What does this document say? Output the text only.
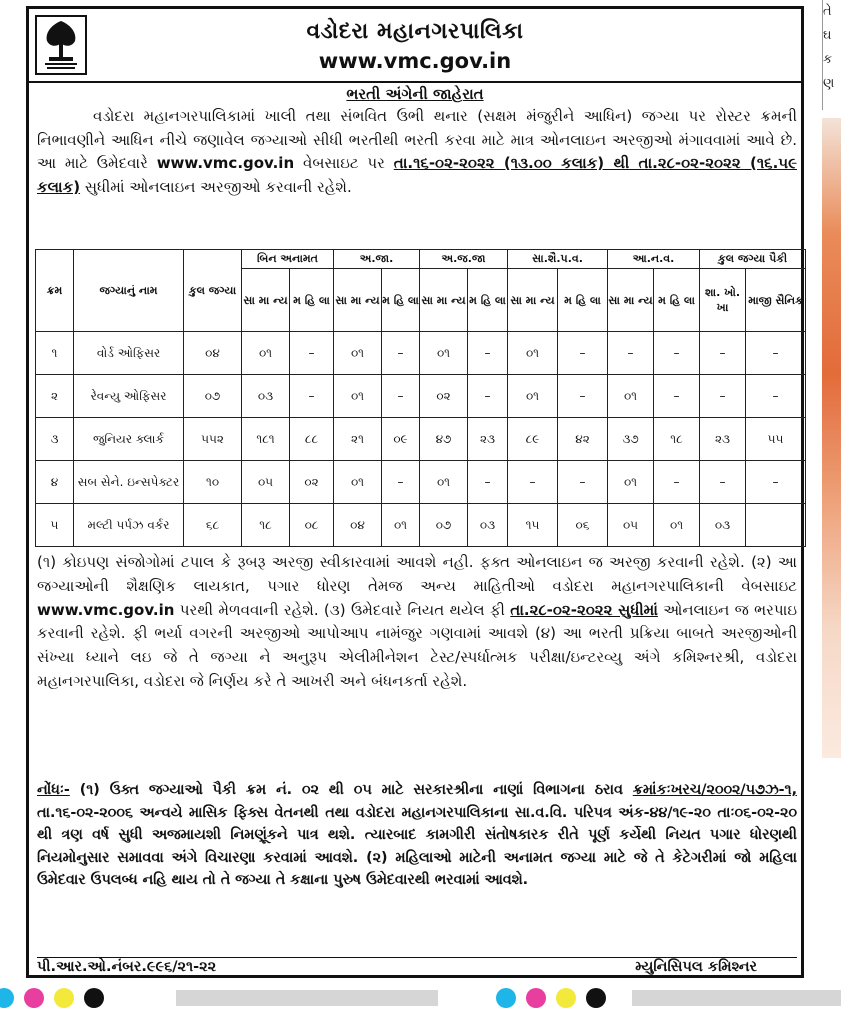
તે
ઘ
ક
ણ
વડોદરા મહાનગરપાલિકા
www.vmc.gov.in
ભરતી અંગેની જાહેરાત

વડોદરા મહાનગરપાલિકામાં ખાલી તથા સંભવિત ઉભી થનાર (સક્ષમ મંજુરીને આધિન) જગ્યા પર રોસ્ટર ક્રમની નિભાવણીને આધિન નીચે જણાવેલ જગ્યાઓ સીધી ભરતીથી ભરતી કરવા માટે માત્ર ઓનલાઇન અરજીઓ મંગાવવામાં આવે છે. આ માટે ઉમેદવારે www.vmc.gov.in વેબસાઇટ પર તા.૧૬-૦૨-૨૦૨૨ (૧૩.૦૦ કલાક) થી તા.૨૮-૦૨-૨૦૨૨ (૧૬.૫૯ કલાક) સુધીમાં ઓનલાઇન અરજીઓ કરવાની રહેશે.

ક્રમ	જગ્યાનું નામ	કુલ જગ્યા	બિન અનામત		અ.જા.		અ.જ.જા		સા.શૈ.પ.વ.		આ.ન.વ.		કુલ જગ્યા પૈકી	
			સા મા ન્ય	મ હિ લા	સા મા ન્ય	મ હિ લા	સા મા ન્ય	મ હિ લા	સા મા ન્ય	મ હિ લા	સા મા ન્ય	મ હિ લા	શા. ખો. ખા	માજી સૈનિક
૧	વોર્ડ ઓફિસર	૦૪	૦૧	–	૦૧	–	૦૧	–	૦૧	–	–	–	–	–
૨	રેવન્યુ ઓફિસર	૦૭	૦૩	–	૦૧	–	૦૨	–	૦૧	–	૦૧	–	–	–
૩	જુનિયર ક્લાર્ક	૫૫૨	૧૮૧	૮૮	૨૧	૦૯	૪૭	૨૩	૮૯	૪૨	૩૭	૧૮	૨૩	૫૫
૪	સબ સેને. ઇન્સપેક્ટર	૧૦	૦૫	૦૨	૦૧	–	૦૧	–	–	–	૦૧	–	–	–
૫	મલ્ટી પર્પઝ વર્કર	૬૮	૧૮	૦૮	૦૪	૦૧	૦૭	૦૩	૧૫	૦૬	૦૫	૦૧	૦૩	

(૧) કોઇપણ સંજોગોમાં ટપાલ કે રૂબરૂ અરજી સ્વીકારવામાં આવશે નહી. ફક્ત ઓનલાઇન જ અરજી કરવાની રહેશે. (૨) આ જગ્યાઓની શૈક્ષણિક લાયકાત, પગાર ધોરણ તેમજ અન્ય માહિતીઓ વડોદરા મહાનગરપાલિકાની વેબસાઇટ www.vmc.gov.in પરથી મેળવવાની રહેશે. (૩) ઉમેદવારે નિયત થયેલ ફી તા.૨૮-૦૨-૨૦૨૨ સુધીમાં ઓનલાઇન જ ભરપાઇ કરવાની રહેશે. ફી ભર્યા વગરની અરજીઓ આપોઆપ નામંજુર ગણવામાં આવશે (૪) આ ભરતી પ્રક્રિયા બાબતે અરજીઓની સંખ્યા ધ્યાને લઇ જે તે જગ્યા ને અનુરૂપ એલીમીનેશન ટેસ્ટ/સ્પર્ધાત્મક પરીક્ષા/ઇન્ટરવ્યુ અંગે કમિશ્નરશ્રી, વડોદરા મહાનગરપાલિકા, વડોદરા જે નિર્ણય કરે તે આખરી અને બંધનકર્તા રહેશે.

નોંધઃ- (૧) ઉક્ત જગ્યાઓ પૈકી ક્રમ નં. ૦૨ થી ૦૫ માટે સરકારશ્રીના નાણાં વિભાગના ઠરાવ ક્રમાંકઃખરચ/૨૦૦૨/૫૭ઝ-૧, તા.૧૬-૦૨-૨૦૦૬ અન્વયે માસિક ફિક્સ વેતનથી તથા વડોદરા મહાનગરપાલિકાના સા.વ.વિ. પરિપત્ર અંક-૪૪/૧૯-૨૦ તાઃ૦૬-૦૨-૨૦ થી ત્રણ વર્ષ સુધી અજમાયશી નિમણૂંકને પાત્ર થશે. ત્યારબાદ કામગીરી સંતોષકારક રીતે પૂર્ણ કર્યેથી નિયત પગાર ધોરણથી નિયમોનુસાર સમાવવા અંગે વિચારણા કરવામાં આવશે. (૨) મહિલાઓ માટેની અનામત જગ્યા માટે જે તે કેટેગરીમાં જો મહિલા ઉમેદવાર ઉપલબ્ધ નહિ થાય તો તે જગ્યા તે કક્ષાના પુરુષ ઉમેદવારથી ભરવામાં આવશે.

પી.આર.ઓ.નંબર.૯૯૬/૨૧-૨૨	મ્યુનિસિપલ કમિશ્નર
